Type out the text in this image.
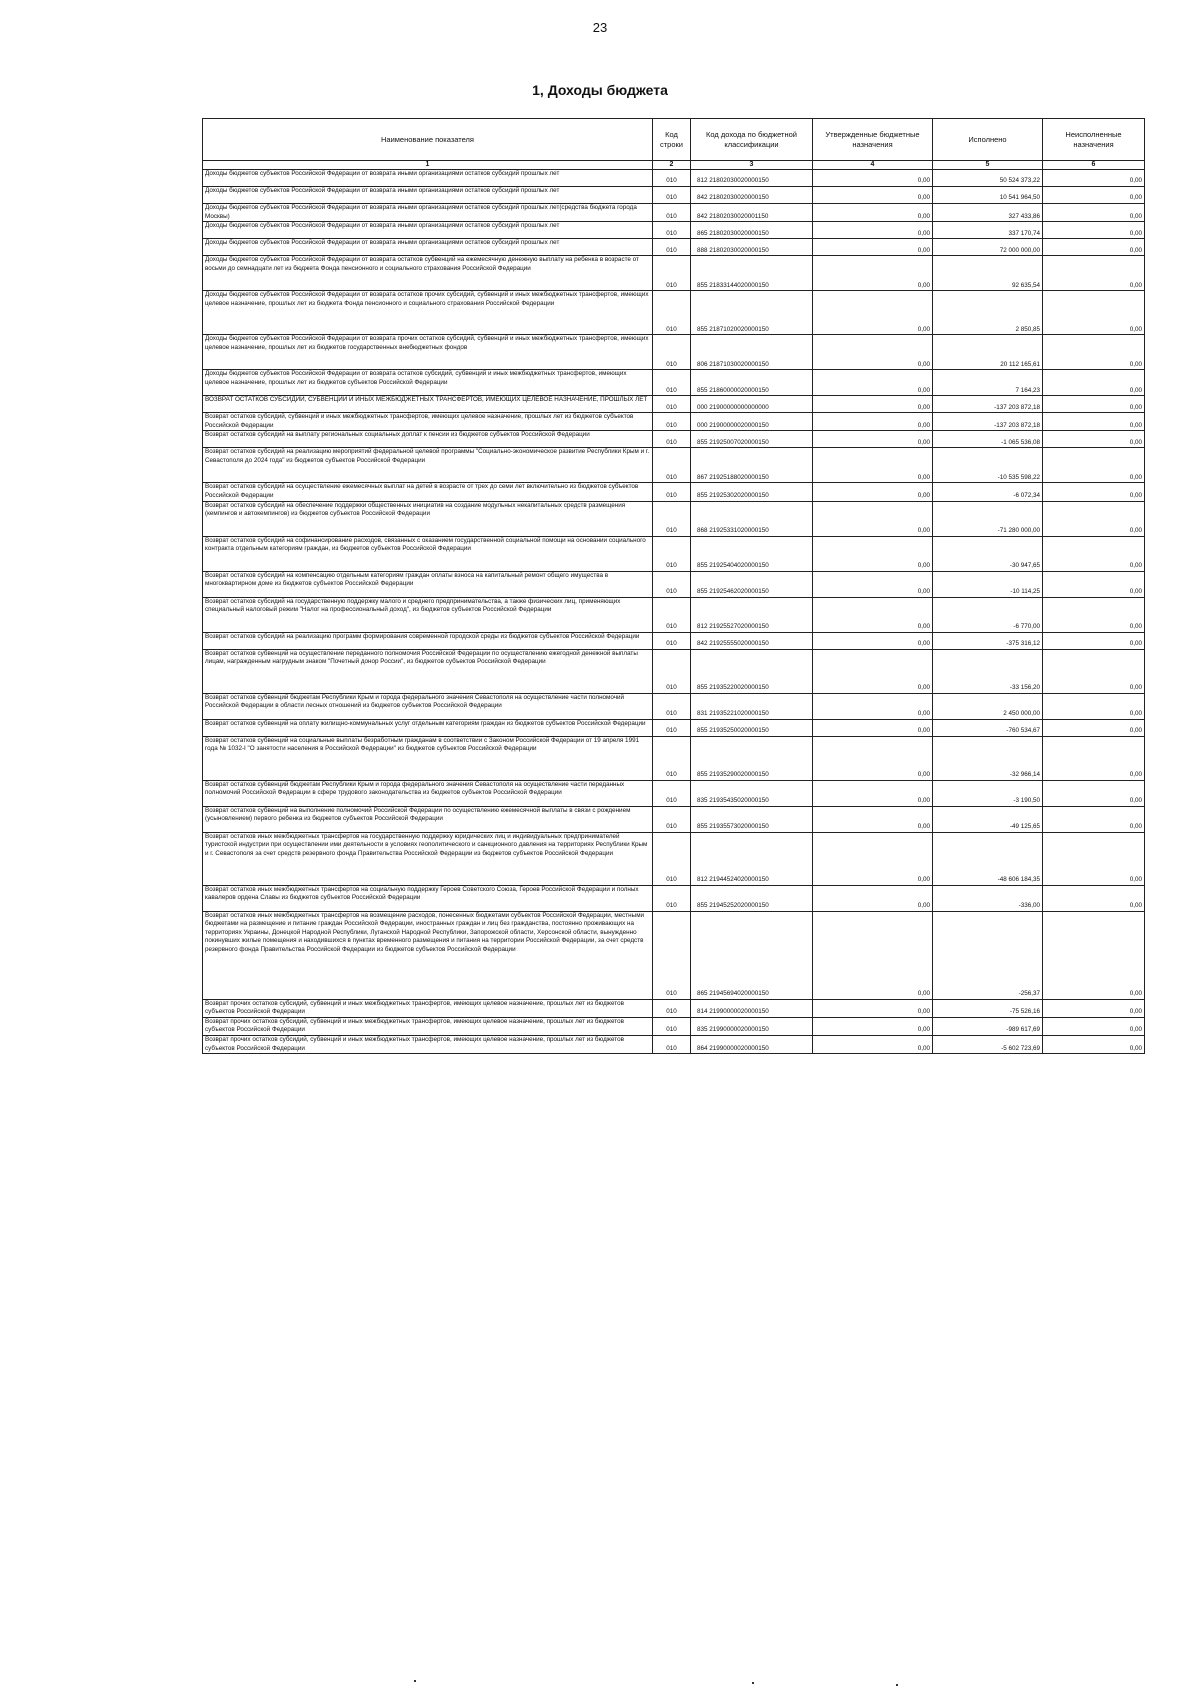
23
1, Доходы бюджета
Наименование показателя	Код строки	Код дохода по бюджетной классификации	Утвержденные бюджетные назначения	Исполнено	Неисполненные назначения
1	2	3	4	5	6
Доходы бюджетов субъектов Российской Федерации от возврата иными организациями остатков субсидий прошлых лет	010	812 21802030020000150	0,00	50 524 373,22	0,00
Доходы бюджетов субъектов Российской Федерации от возврата иными организациями остатков субсидий прошлых лет	010	842 21802030020000150	0,00	10 541 964,50	0,00
Доходы бюджетов субъектов Российской Федерации от возврата иными организациями остатков субсидий прошлых лет(средства бюджета города Москвы)	010	842 21802030020001150	0,00	327 433,86	0,00
Доходы бюджетов субъектов Российской Федерации от возврата иными организациями остатков субсидий прошлых лет	010	865 21802030020000150	0,00	337 170,74	0,00
Доходы бюджетов субъектов Российской Федерации от возврата иными организациями остатков субсидий прошлых лет	010	888 21802030020000150	0,00	72 000 000,00	0,00
Доходы бюджетов субъектов Российской Федерации от возврата остатков субвенций на ежемесячную денежную выплату на ребенка в возрасте от восьми до семнадцати лет из бюджета Фонда пенсионного и социального страхования Российской Федерации	010	855 21833144020000150	0,00	92 635,54	0,00
Доходы бюджетов субъектов Российской Федерации от возврата остатков прочих субсидий, субвенций и иных межбюджетных трансфертов, имеющих целевое назначение, прошлых лет из бюджета Фонда пенсионного и социального страхования Российской Федерации	010	855 21871020020000150	0,00	2 850,85	0,00
Доходы бюджетов субъектов Российской Федерации от возврата прочих остатков субсидий, субвенций и иных межбюджетных трансфертов, имеющих целевое назначение, прошлых лет из бюджетов государственных внебюджетных фондов	010	806 21871030020000150	0,00	20 112 165,61	0,00
Доходы бюджетов субъектов Российской Федерации от возврата остатков субсидий, субвенций и иных межбюджетных трансфертов, имеющих целевое назначение, прошлых лет из бюджетов субъектов Российской Федерации	010	855 21860000020000150	0,00	7 164,23	0,00
ВОЗВРАТ ОСТАТКОВ СУБСИДИЙ, СУБВЕНЦИЙ И ИНЫХ МЕЖБЮДЖЕТНЫХ ТРАНСФЕРТОВ, ИМЕЮЩИХ ЦЕЛЕВОЕ НАЗНАЧЕНИЕ, ПРОШЛЫХ ЛЕТ	010	000 21900000000000000	0,00	-137 203 872,18	0,00
Возврат остатков субсидий, субвенций и иных межбюджетных трансфертов, имеющих целевое назначение, прошлых лет из бюджетов субъектов Российской Федерации	010	000 21900000020000150	0,00	-137 203 872,18	0,00
Возврат остатков субсидий на выплату региональных социальных доплат к пенсии из бюджетов субъектов Российской Федерации	010	855 21925007020000150	0,00	-1 065 536,08	0,00
Возврат остатков субсидий на реализацию мероприятий федеральной целевой программы "Социально-экономическое развитие Республики Крым и г. Севастополя до 2024 года" из бюджетов субъектов Российской Федерации	010	867 21925188020000150	0,00	-10 535 598,22	0,00
Возврат остатков субсидий на осуществление ежемесячных выплат на детей в возрасте от трех до семи лет включительно из бюджетов субъектов Российской Федерации	010	855 21925302020000150	0,00	-6 072,34	0,00
Возврат остатков субсидий на обеспечение поддержки общественных инициатив на создание модульных некапитальных средств размещения (кемпингов и автокемпингов) из бюджетов субъектов Российской Федерации	010	868 21925331020000150	0,00	-71 280 000,00	0,00
Возврат остатков субсидий на софинансирование расходов, связанных с оказанием государственной социальной помощи на основании социального контракта отдельным категориям граждан, из бюджетов субъектов Российской Федерации	010	855 21925404020000150	0,00	-30 947,65	0,00
Возврат остатков субсидий на компенсацию отдельным категориям граждан оплаты взноса на капитальный ремонт общего имущества в многоквартирном доме из бюджетов субъектов Российской Федерации	010	855 21925462020000150	0,00	-10 114,25	0,00
Возврат остатков субсидий на государственную поддержку малого и среднего предпринимательства, а также физических лиц, применяющих специальный налоговый режим "Налог на профессиональный доход", из бюджетов субъектов Российской Федерации	010	812 21925527020000150	0,00	-6 770,00	0,00
Возврат остатков субсидий на реализацию программ формирования современной городской среды из бюджетов субъектов Российской Федерации	010	842 21925555020000150	0,00	-375 316,12	0,00
Возврат остатков субвенций на осуществление переданного полномочия Российской Федерации по осуществлению ежегодной денежной выплаты лицам, награжденным нагрудным знаком "Почетный донор России", из бюджетов субъектов Российской Федерации	010	855 21935220020000150	0,00	-33 156,20	0,00
Возврат остатков субвенций бюджетам Республики Крым и города федерального значения Севастополя на осуществление части полномочий Российской Федерации в области лесных отношений из бюджетов субъектов Российской Федерации	010	831 21935221020000150	0,00	2 450 000,00	0,00
Возврат остатков субвенций на оплату жилищно-коммунальных услуг отдельным категориям граждан из бюджетов субъектов Российской Федерации	010	855 21935250020000150	0,00	-760 534,67	0,00
Возврат остатков субвенций на социальные выплаты безработным гражданам в соответствии с Законом Российской Федерации от 19 апреля 1991 года № 1032-I "О занятости населения в Российской Федерации" из бюджетов субъектов Российской Федерации	010	855 21935290020000150	0,00	-32 966,14	0,00
Возврат остатков субвенций бюджетам Республики Крым и города федерального значения Севастополя на осуществление части переданных полномочий Российской Федерации в сфере трудового законодательства из бюджетов субъектов Российской Федерации	010	835 21935435020000150	0,00	-3 190,50	0,00
Возврат остатков субвенций на выполнение полномочий Российской Федерации по осуществлению ежемесячной выплаты в связи с рождением (усыновлением) первого ребенка из бюджетов субъектов Российской Федерации	010	855 21935573020000150	0,00	-49 125,65	0,00
Возврат остатков иных межбюджетных трансфертов на государственную поддержку юридических лиц и индивидуальных предпринимателей туристской индустрии при осуществлении ими деятельности в условиях геополитического и санкционного давления на территориях Республики Крым и г. Севастополя за счет средств резервного фонда Правительства Российской Федерации из бюджетов субъектов Российской Федерации	010	812 21944524020000150	0,00	-48 606 184,35	0,00
Возврат остатков иных межбюджетных трансфертов на социальную поддержку Героев Советского Союза, Героев Российской Федерации и полных кавалеров ордена Славы из бюджетов субъектов Российской Федерации	010	855 21945252020000150	0,00	-336,00	0,00
Возврат остатков иных межбюджетных трансфертов на возмещение расходов, понесенных бюджетами субъектов Российской Федерации, местными бюджетами на размещение и питание граждан Российской Федерации, иностранных граждан и лиц без гражданства, постоянно проживающих на территориях Украины, Донецкой Народной Республики, Луганской Народной Республики, Запорожской области, Херсонской области, вынужденно покинувших жилые помещения и находившихся в пунктах временного размещения и питания на территории Российской Федерации, за счет средств резервного фонда Правительства Российской Федерации из бюджетов субъектов Российской Федерации	010	865 21945694020000150	0,00	-256,37	0,00
Возврат прочих остатков субсидий, субвенций и иных межбюджетных трансфертов, имеющих целевое назначение, прошлых лет из бюджетов субъектов Российской Федерации	010	814 21990000020000150	0,00	-75 526,16	0,00
Возврат прочих остатков субсидий, субвенций и иных межбюджетных трансфертов, имеющих целевое назначение, прошлых лет из бюджетов субъектов Российской Федерации	010	835 21990000020000150	0,00	-989 617,69	0,00
Возврат прочих остатков субсидий, субвенций и иных межбюджетных трансфертов, имеющих целевое назначение, прошлых лет из бюджетов субъектов Российской Федерации	010	864 21990000020000150	0,00	-5 602 723,69	0,00
